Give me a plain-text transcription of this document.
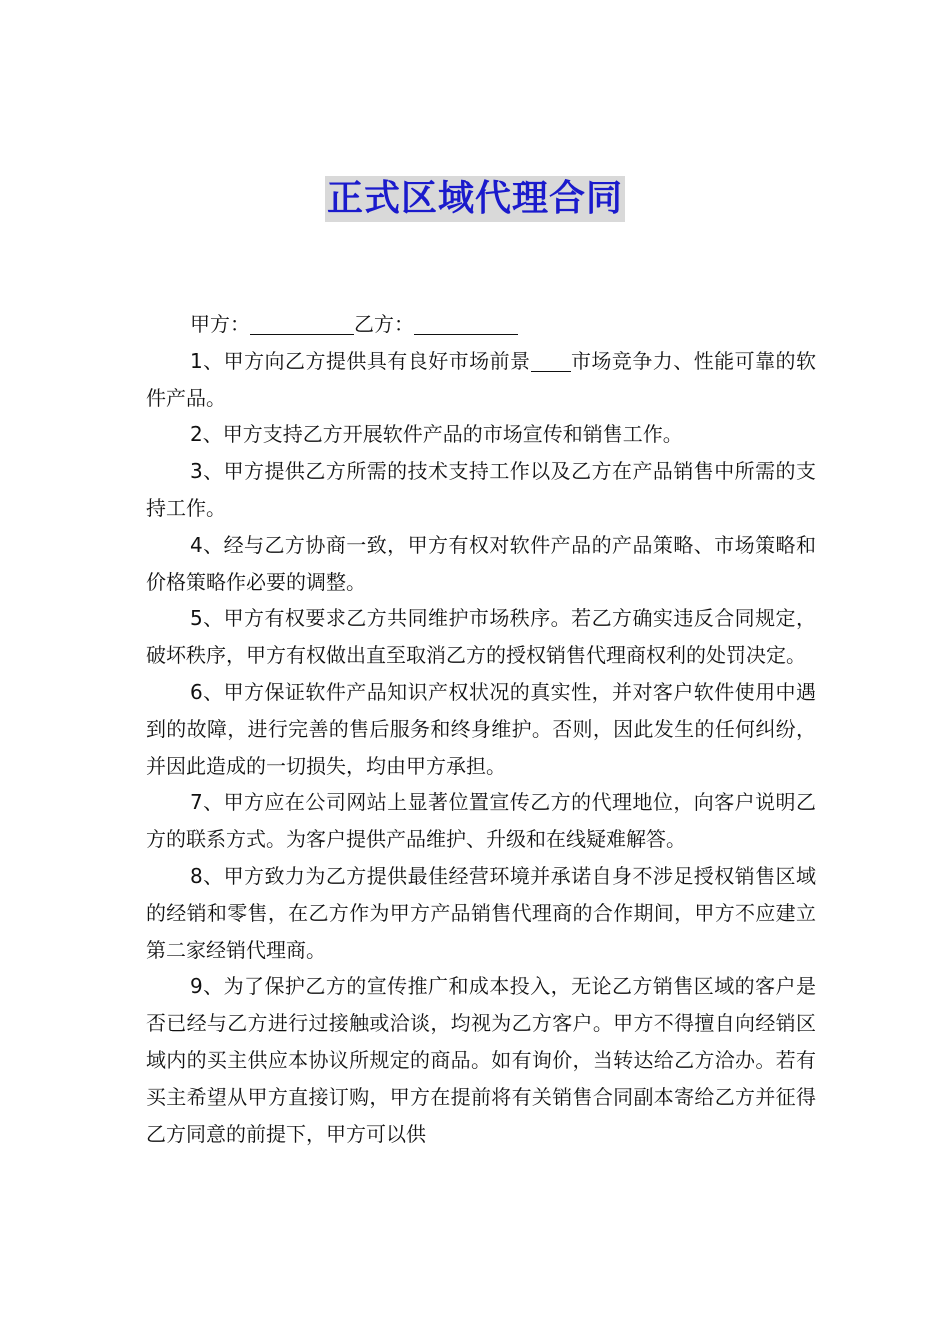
正式区域代理合同

甲方：	乙方：

1、甲方向乙方提供具有良好市场前景 市场竞争力、性能可靠的软件产品。

2、甲方支持乙方开展软件产品的市场宣传和销售工作。

3、甲方提供乙方所需的技术支持工作以及乙方在产品销售中所需的支持工作。

4、经与乙方协商一致，甲方有权对软件产品的产品策略、市场策略和价格策略作必要的调整。

5、甲方有权要求乙方共同维护市场秩序。若乙方确实违反合同规定，破坏秩序，甲方有权做出直至取消乙方的授权销售代理商权利的处罚决定。

6、甲方保证软件产品知识产权状况的真实性，并对客户软件使用中遇到的故障，进行完善的售后服务和终身维护。否则，因此发生的任何纠纷，并因此造成的一切损失，均由甲方承担。

7、甲方应在公司网站上显著位置宣传乙方的代理地位，向客户说明乙方的联系方式。为客户提供产品维护、升级和在线疑难解答。

8、甲方致力为乙方提供最佳经营环境并承诺自身不涉足授权销售区域的经销和零售，在乙方作为甲方产品销售代理商的合作期间，甲方不应建立第二家经销代理商。

9、为了保护乙方的宣传推广和成本投入，无论乙方销售区域的客户是否已经与乙方进行过接触或洽谈，均视为乙方客户。甲方不得擅自向经销区域内的买主供应本协议所规定的商品。如有询价，当转达给乙方洽办。若有买主希望从甲方直接订购，甲方在提前将有关销售合同副本寄给乙方并征得乙方同意的前提下，甲方可以供
